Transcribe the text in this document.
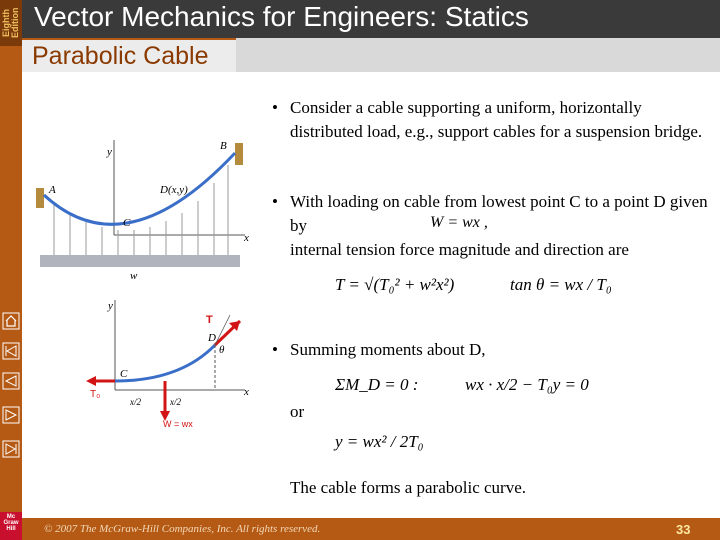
Eighth Edition
Mc Graw Hill
Vector Mechanics for Engineers: Statics
Parabolic Cable
A
B
C
D(x,y)
y
x
w
D
T
θ
C
T₀
W = wx
x/2	x/2
y
x
• Consider a cable supporting a uniform, horizontally distributed load, e.g., support cables for a suspension bridge.
• With loading on cable from lowest point C to a point D given by	W = wx ,
internal tension force magnitude and direction are
T = √(T₀² + w²x²)	tan θ = wx / T₀
• Summing moments about D,
ΣM_D = 0 :	wx · x/2 − T₀y = 0
or
y = wx² / 2T₀
The cable forms a parabolic curve.
© 2007 The McGraw-Hill Companies, Inc. All rights reserved.	33
